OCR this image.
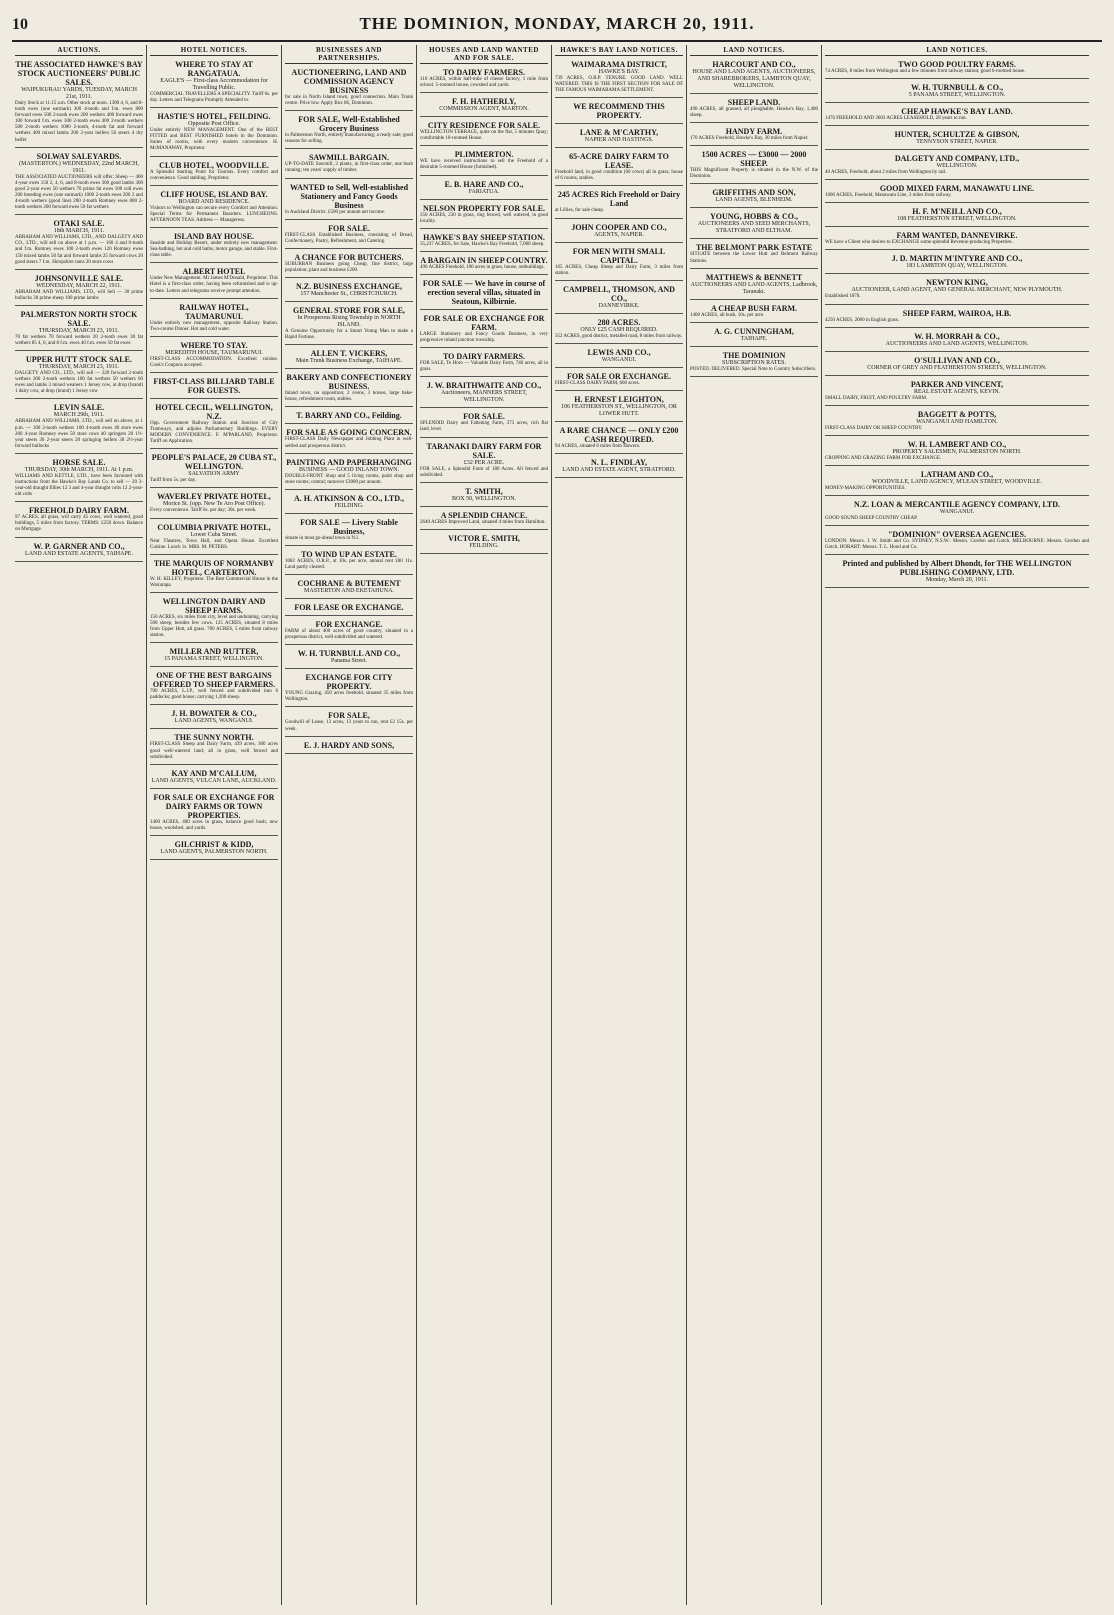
10	THE DOMINION, MONDAY, MARCH 20, 1911.
AUCTIONS.
THE ASSOCIATED HAWKE'S BAY STOCK AUCTIONEERS' PUBLIC SALES.
WAIPUKURAU YARDS, TUESDAY, MARCH 21st, 1911.
Dairy Stock at 11.15 a.m. Other stock at noon. 1300 4, 6, and 8-tooth ewes (one earmark) 300 4-tooth and f.m. ewes 800 forward ewes 500 2-tooth ewes 200 wethers 400 forward ewes 100 forward f.m. ewes 300 2-tooth ewes 400 2-tooth wethers 500 2-tooth wethers 1000 2-tooth, 4-tooth fat and forward wethers 400 mixed lambs 200 2-year heifers 50 steers 4 dry heifer
SOLWAY SALEYARDS.
(MASTERTON.) WEDNESDAY, 22nd MARCH, 1911.
THE ASSOCIATED AUCTIONEERS will offer: Sheep — 400 4-year ewes 150 2, 4, 6, and 8-tooth ewes 300 good lambs 300 good 2-year ewes 50 wethers 70 prime fat ewes 100 cull ewes 200 breeding ewes (one earmark) 1000 2-tooth ewes 200 2 and 4-tooth wethers (good line) 200 2-tooth Romney ewes 800 2-tooth wethers 200 forward ewes 50 fat wethers
OTAKI SALE.
18th MARCH, 1911.
ABRAHAM AND WILLIAMS, LTD., AND DALGETY AND CO., LTD., will sell on above at 1 p.m. — 160 4 and 6-tooth and f.m. Romney ewes 100 2-tooth ewes 120 Romney ewes 150 mixed lambs 50 fat and forward lambs 25 forward cows 20 good steers 7 f.m. Shropshire rams 20 store cows
JOHNSONVILLE SALE.
WEDNESDAY, MARCH 22, 1911.
ABRAHAM AND WILLIAMS, LTD., will Sell — 30 prime bullocks 30 prime sheep 100 prime lambs
PALMERSTON NORTH STOCK SALE.
THURSDAY, MARCH 23, 1911.
70 fat wethers 70 forward wethers 20 2-tooth ewes 30 fat wethers 85 4, 6, and 8 f.m. ewes 40 f.m. ewes 50 fat ewes
UPPER HUTT STOCK SALE.
THURSDAY, MARCH 23, 1911.
DALGETY AND CO., LTD., will sell — 320 forward 2-tooth wethers 300 2-tooth wethers 100 fat wethers 50 wethers 60 ewes and lambs 3 mixed weaners 1 Jersey cow, at drop (brand) 1 dairy cow, at drop (brand) 1 Jersey cow
LEVIN SALE.
MARCH 29th, 1911.
ABRAHAM AND WILLIAMS, LTD., will sell on above, at 1 p.m. — 100 2-tooth wethers 100 4-tooth ewes 40 store ewes 200 4-year Romney ewes 50 store cows 40 springers 20 1½-year steers 30 2-year steers 20 springing heifers 30 2½-year forward bullocks
HORSE SALE.
THURSDAY, 30th MARCH, 1911. At 1 p.m.
WILLIAMS AND KETTLE, LTD., have been favoured with instructions from the Hawke's Bay Lands Co. to sell — 20 3-year-old draught fillies 12 3 and 4-year draught colts 12 2-year-old colts
FREEHOLD DAIRY FARM.
97 ACRES, all grass, will carry 45 cows, well watered, good buildings, 5 miles from factory. TERMS: £250 down. Balance on Mortgage.
W. P. GARNER AND CO.,
LAND AND ESTATE AGENTS, TAIHAPE.
HOTEL NOTICES.
WHERE TO STAY AT RANGATAUA.
EAGLE'S — First-class Accommodation for Travelling Public.
COMMERCIAL TRAVELLERS A SPECIALITY. Tariff 6s. per day. Letters and Telegrams Promptly Attended to.
HASTIE'S HOTEL, FEILDING.
Opposite Post Office.
Under entirely NEW MANAGEMENT. One of the BEST FITTED and BEST FURNISHED hotels in the Dominion. Suites of rooms, with every modern convenience. H. McMANAWAY, Proprietor.
CLUB HOTEL, WOODVILLE.
A Splendid Starting Point for Tourists. Every comfort and convenience. Good stabling. Proprietor.
CLIFF HOUSE, ISLAND BAY.
BOARD AND RESIDENCE.
Visitors to Wellington can secure every Comfort and Attention. Special Terms for Permanent Boarders. LUNCHEONS. AFTERNOON TEAS. Address — Manageress.
ISLAND BAY HOUSE.
Seaside and Holiday Resort, under entirely new management. Sea-bathing, hot and cold baths, motor garage, and stable. First-class table.
ALBERT HOTEL
Under New Management. Mr James M'Donald, Proprietor. This Hotel is a first-class order, having been refurnished and is up-to-date. Letters and telegrams receive prompt attention.
RAILWAY HOTEL, TAUMARUNUI.
Under entirely new management, opposite Railway Station. Two-course Dinner. Hot and cold water.
WHERE TO STAY.
MEREDITH HOUSE, TAUMARUNUI.
FIRST-CLASS ACCOMMODATION. Excellent cuisine. Cook's Coupons accepted.
FIRST-CLASS BILLIARD TABLE FOR GUESTS.
HOTEL CECIL, WELLINGTON, N.Z.
Opp. Government Railway Station and Junction of City Tramways, and adjoins Parliamentary Buildings. EVERY MODERN CONVENIENCE. F. M'PARLAND, Proprietor. Tariff on Application.
PEOPLE'S PALACE, 20 CUBA ST., WELLINGTON.
SALVATION ARMY
Tariff from 5s. per day.
WAVERLEY PRIVATE HOTEL,
Morice St. (opp. New Te Aro Post Office).
Every convenience. Tariff 6s. per day; 30s. per week.
COLUMBIA PRIVATE HOTEL,
Lower Cuba Street.
Near Theatres, Town Hall, and Opera House. Excellent Cuisine. Lunch 1s. MRS. M. PETERS.
THE MARQUIS OF NORMANBY HOTEL, CARTERTON.
W. H. KILLEY, Proprietor. The Best Commercial House in the Wairarapa.
WELLINGTON DAIRY AND SHEEP FARMS.
150 ACRES, six miles from city, level and undulating, carrying 500 sheep, besides few cows. 125 ACRES, situated 8 miles from Upper Hutt, all grass. 700 ACRES, 5 miles from railway station.
MILLER AND RUTTER,
15 PANAMA STREET, WELLINGTON.
ONE OF THE BEST BARGAINS OFFERED TO SHEEP FARMERS.
700 ACRES, L.I.P., well fenced and subdivided into 6 paddocks; good house; carrying 1,200 sheep.
J. H. BOWATER & CO.,
LAND AGENTS, WANGANUI.
THE SUNNY NORTH.
FIRST-CLASS Sheep and Dairy Farm, 439 acres, 300 acres good well-watered land; all in grass, well fenced and subdivided.
KAY AND M'CALLUM,
LAND AGENTS, VULCAN LANE, AUCKLAND.
FOR SALE OR EXCHANGE FOR DAIRY FARMS OR TOWN PROPERTIES.
1400 ACRES, 400 acres in grass, balance good bush; new house, woolshed, and yards.
GILCHRIST & KIDD,
LAND AGENTS, PALMERSTON NORTH.
BUSINESSES AND PARTNERSHIPS.
AUCTIONEERING, LAND AND COMMISSION AGENCY BUSINESS
for sale in North Island town, good connection. Main Trunk centre. Price low. Apply Box 86, Dominion.
FOR SALE, Well-Established Grocery Business
in Palmerston North, entirely manufacturing; a ready sale; good reasons for selling.
SAWMILL BARGAIN.
UP-TO-DATE Sawmill, 2 plants, in first-class order, one bush running; ten years' supply of timber.
WANTED to Sell, Well-established Stationery and Fancy Goods Business
in Auckland District. £500 per annum net income.
FOR SALE.
FIRST-CLASS Established Business, consisting of Bread, Confectionery, Pastry, Refreshment, and Catering.
A CHANCE FOR BUTCHERS.
SUBURBAN Business going Cheap, fine district, large population; plant and business £200.
N.Z. BUSINESS EXCHANGE,
157 Manchester St., CHRISTCHURCH.
GENERAL STORE FOR SALE,
In Prosperous Rising Township in NORTH ISLAND.
A Genuine Opportunity for a Smart Young Man to make a Rapid Fortune.
ALLEN T. VICKERS,
Main Trunk Business Exchange, TAIHAPE.
BAKERY AND CONFECTIONERY BUSINESS.
Inland town, no opposition; 2 ovens, 3 horses, large bake-house, refreshment room, stables.
T. BARRY AND CO., Feilding.
FOR SALE AS GOING CONCERN.
FIRST-CLASS Daily Newspaper and Jobbing Plant in well-settled and prosperous district.
PAINTING AND PAPERHANGING
BUSINESS — GOOD INLAND TOWN.
DOUBLE-FRONT Shop and 5 living rooms, paint shop and store rooms; central; turnover £3000 per annum.
A. H. ATKINSON & CO., LTD.,
FEILDING.
FOR SALE — Livery Stable Business,
situate in most go-ahead town in N.I.
TO WIND UP AN ESTATE.
1082 ACRES, O.R.P., at 10s. per acre, annual rent £80 11s. Land partly cleared.
COCHRANE & BUTEMENT
MASTERTON AND EKETAHUNA.
FOR LEASE OR EXCHANGE.
FOR EXCHANGE.
FARM of about 400 acres of good country, situated in a prosperous district, well subdivided and watered.
W. H. TURNBULL AND CO.,
Panama Street.
EXCHANGE FOR CITY PROPERTY.
YOUNG Grazing, 450 acres freehold, situated 35 miles from Wellington.
FOR SALE,
Goodwill of Lease, 13 acres, 13 years to run, rent £2 15s. per week.
E. J. HARDY AND SONS,
HOUSES AND LAND WANTED AND FOR SALE.
TO DAIRY FARMERS.
110 ACRES, within half-mile of cheese factory, 1 mile from school. 5-roomed house, cowshed and yards.
F. H. HATHERLY,
COMMISSION AGENT, MARTON.
CITY RESIDENCE FOR SALE.
WELLINGTON TERRACE, quite on the flat, 5 minutes Quay; comfortable 10-roomed House.
PLIMMERTON.
WE have received instructions to sell the Freehold of a desirable 5-roomed House (furnished).
E. B. HARE AND CO.,
FARIATUA.
NELSON PROPERTY FOR SALE.
350 ACRES, 230 in grass, ring fenced, well watered, in good locality.
HAWKE'S BAY SHEEP STATION.
35,237 ACRES, for Sale, Hawke's Bay Freehold, 7,000 sheep.
A BARGAIN IN SHEEP COUNTRY.
490 ACRES Freehold, 100 acres in grass, house, outbuildings.
FOR SALE — We have in course of erection several villas, situated in Seatoun, Kilbirnie.
FOR SALE OR EXCHANGE FOR FARM.
LARGE Stationery and Fancy Goods Business, in very progressive inland junction township.
TO DAIRY FARMERS.
FOR SALE, Te Horo — Valuable Dairy Farm, 740 acres, all in grass.
J. W. BRAITHWAITE AND CO.,
Auctioneers, MANNERS STREET, WELLINGTON.
FOR SALE.
SPLENDID Dairy and Fattening Farm, 373 acres, rich flat land, level.
TARANAKI DAIRY FARM FOR SALE.
£32 PER ACRE.
FOR SALE, a Splendid Farm of 180 Acres. All fenced and subdivided.
T. SMITH,
BOX 50, WELLINGTON.
A SPLENDID CHANCE.
2640 ACRES Improved Land, situated 4 miles from Hamilton.
VICTOR E. SMITH,
FEILDING.
HAWKE'S BAY LAND NOTICES.
WAIMARAMA DISTRICT,
HAWKE'S BAY.
739 ACRES, O.R.P. TENURE. GOOD LAND. WELL WATERED. THIS IS THE FIRST SECTION FOR SALE OF THE FAMOUS WAIMARAMA SETTLEMENT.
WE RECOMMEND THIS PROPERTY.
LANE & M'CARTHY,
NAPIER AND HASTINGS.
65-ACRE DAIRY FARM TO LEASE.
Freehold land, in good condition (60 cows) all in grass; house of 6 rooms, stables.
245 ACRES Rich Freehold or Dairy Land
at Lillies, for sale cheap.
JOHN COOPER AND CO.,
AGENTS, NAPIER.
FOR MEN WITH SMALL CAPITAL.
165 ACRES, Cheap Sheep and Dairy Farm, 3 miles from station.
CAMPBELL, THOMSON, AND CO.,
DANNEVIRKE.
280 ACRES.
ONLY £25 CASH REQUIRED.
352 ACRES, good district, metalled road, 8 miles from railway.
LEWIS AND CO.,
WANGANUI.
FOR SALE OR EXCHANGE.
FIRST-CLASS DAIRY FARM, 660 acres.
H. ERNEST LEIGHTON,
106 FEATHERSTON ST., WELLINGTON, OR LOWER HUTT.
A RARE CHANCE — ONLY £200 CASH REQUIRED.
94 ACRES, situated 6 miles from Hawera.
N. L. FINDLAY,
LAND AND ESTATE AGENT, STRATFORD.
LAND NOTICES.
HARCOURT AND CO.,
HOUSE AND LAND AGENTS, AUCTIONEERS, AND SHAREBROKERS, LAMBTON QUAY, WELLINGTON.
SHEEP LAND.
490 ACRES, all grassed, all ploughable, Hawke's Bay, 1,400 sheep.
HANDY FARM.
170 ACRES Freehold, Hawke's Bay, 30 miles from Napier.
1500 ACRES — £3000 — 2000 SHEEP.
THIS Magnificent Property is situated in the N.W. of the Dominion.
GRIFFITHS AND SON,
LAND AGENTS, BLENHEIM.
YOUNG, HOBBS & CO.,
AUCTIONEERS AND SEED MERCHANTS, STRATFORD AND ELTHAM.
THE BELMONT PARK ESTATE
SITUATE between the Lower Hutt and Belmont Railway Stations.
MATTHEWS & BENNETT
AUCTIONEERS AND LAND AGENTS, Ladbrook, Taranaki.
A CHEAP BUSH FARM.
1400 ACRES, all bush, 10s. per acre.
A. G. CUNNINGHAM,
TAIHAPE.
THE DOMINION
SUBSCRIPTION RATES.
POSTED. DELIVERED. Special Note to Country Subscribers.
LAND NOTICES.
TWO GOOD POULTRY FARMS.
74 ACRES, 8 miles from Wellington and a few minutes from railway station; good 6-roomed house.
W. H. TURNBULL & CO.,
5 PANAMA STREET, WELLINGTON.
CHEAP HAWKE'S BAY LAND.
1476 FREEHOLD AND 3603 ACRES LEASEHOLD, 28 years to run.
HUNTER, SCHULTZE & GIBSON,
TENNYSON STREET, NAPIER.
DALGETY AND COMPANY, LTD.,
WELLINGTON.
40 ACRES, Freehold, about 2 miles from Wellington by rail.
GOOD MIXED FARM, MANAWATU LINE.
1000 ACRES, Freehold, Manawatu Line, 3 miles from railway.
H. F. M'NEILL AND CO.,
108 FEATHERSTON STREET, WELLINGTON.
FARM WANTED, DANNEVIRKE.
WE have a Client who desires to EXCHANGE some splendid Revenue-producing Properties.
J. D. MARTIN M'INTYRE AND CO.,
183 LAMBTON QUAY, WELLINGTON.
NEWTON KING,
AUCTIONEER, LAND AGENT, AND GENERAL MERCHANT, NEW PLYMOUTH.
Established 1870.
SHEEP FARM, WAIROA, H.B.
4250 ACRES, 2000 in English grass.
W. H. MORRAH & CO.,
AUCTIONEERS AND LAND AGENTS, WELLINGTON.
O'SULLIVAN AND CO.,
CORNER OF GREY AND FEATHERSTON STREETS, WELLINGTON.
PARKER AND VINCENT,
REAL ESTATE AGENTS, KEVIN.
SMALL DAIRY, FRUIT, AND POULTRY FARM.
BAGGETT & POTTS,
WANGANUI AND HAMILTON.
FIRST-CLASS DAIRY OR SHEEP COUNTRY.
W. H. LAMBERT AND CO.,
PROPERTY SALESMEN, PALMERSTON NORTH.
CROPPING AND GRAZING FARM FOR EXCHANGE.
LATHAM AND CO.,
WOODVILLE, LAND AGENCY, M'LEAN STREET, WOODVILLE.
MONEY-MAKING OPPORTUNITIES.
N.Z. LOAN & MERCANTILE AGENCY COMPANY, LTD.
WANGANUI.
GOOD SOUND SHEEP COUNTRY CHEAP.
"DOMINION" OVERSEA AGENCIES.
LONDON: Messrs. J. W. Smith and Co. SYDNEY, N.S.W.: Messrs. Gordon and Gotch. MELBOURNE: Messrs. Gordon and Gotch. HOBART: Messrs. T. L. Hood and Co.
Printed and published by Albert Dhondt, for THE WELLINGTON PUBLISHING COMPANY, LTD.
Monday, March 20, 1911.
